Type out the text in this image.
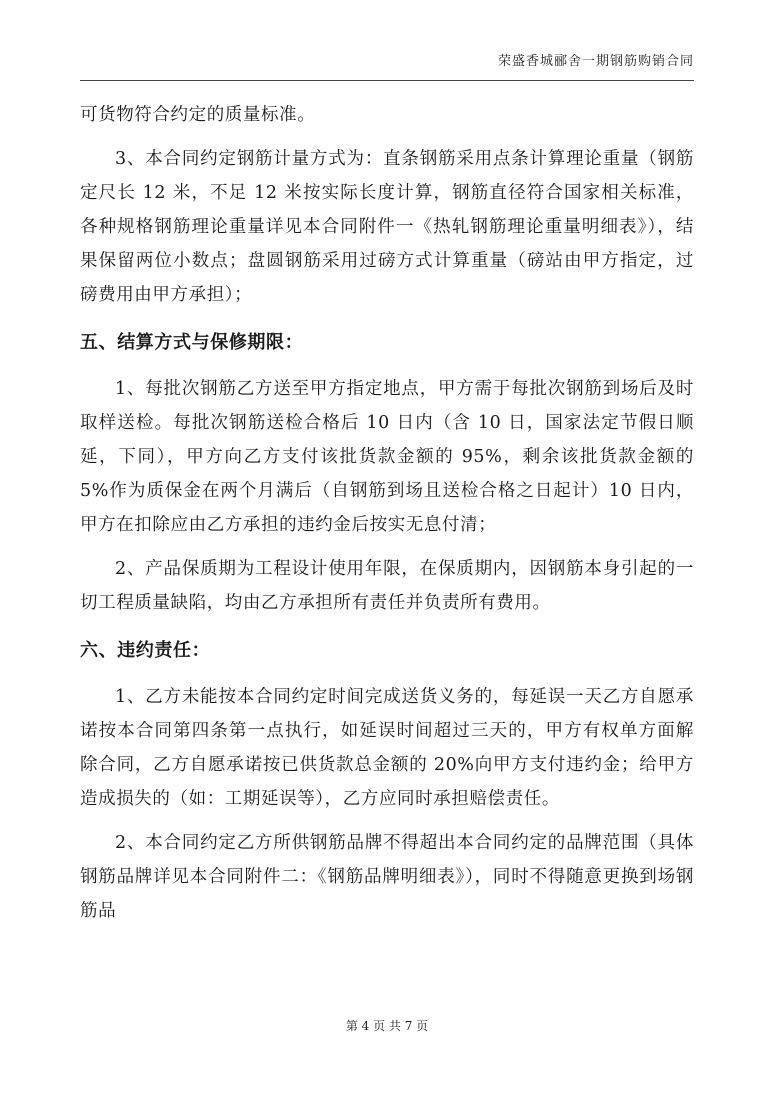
荣盛香城郦舍一期钢筋购销合同

可货物符合约定的质量标准。

3、本合同约定钢筋计量方式为：直条钢筋采用点条计算理论重量（钢筋定尺长 12 米，不足 12 米按实际长度计算，钢筋直径符合国家相关标准，各种规格钢筋理论重量详见本合同附件一《热轧钢筋理论重量明细表》），结果保留两位小数点；盘圆钢筋采用过磅方式计算重量（磅站由甲方指定，过磅费用由甲方承担）；

五、结算方式与保修期限：

1、每批次钢筋乙方送至甲方指定地点，甲方需于每批次钢筋到场后及时取样送检。每批次钢筋送检合格后 10 日内（含 10 日，国家法定节假日顺延，下同），甲方向乙方支付该批货款金额的 95%，剩余该批货款金额的 5%作为质保金在两个月满后（自钢筋到场且送检合格之日起计）10 日内，甲方在扣除应由乙方承担的违约金后按实无息付清；

2、产品保质期为工程设计使用年限，在保质期内，因钢筋本身引起的一切工程质量缺陷，均由乙方承担所有责任并负责所有费用。

六、违约责任：

1、乙方未能按本合同约定时间完成送货义务的，每延误一天乙方自愿承诺按本合同第四条第一点执行，如延误时间超过三天的，甲方有权单方面解除合同，乙方自愿承诺按已供货款总金额的 20%向甲方支付违约金；给甲方造成损失的（如：工期延误等），乙方应同时承担赔偿责任。

2、本合同约定乙方所供钢筋品牌不得超出本合同约定的品牌范围（具体钢筋品牌详见本合同附件二：《钢筋品牌明细表》），同时不得随意更换到场钢筋品

第 4 页 共 7 页
